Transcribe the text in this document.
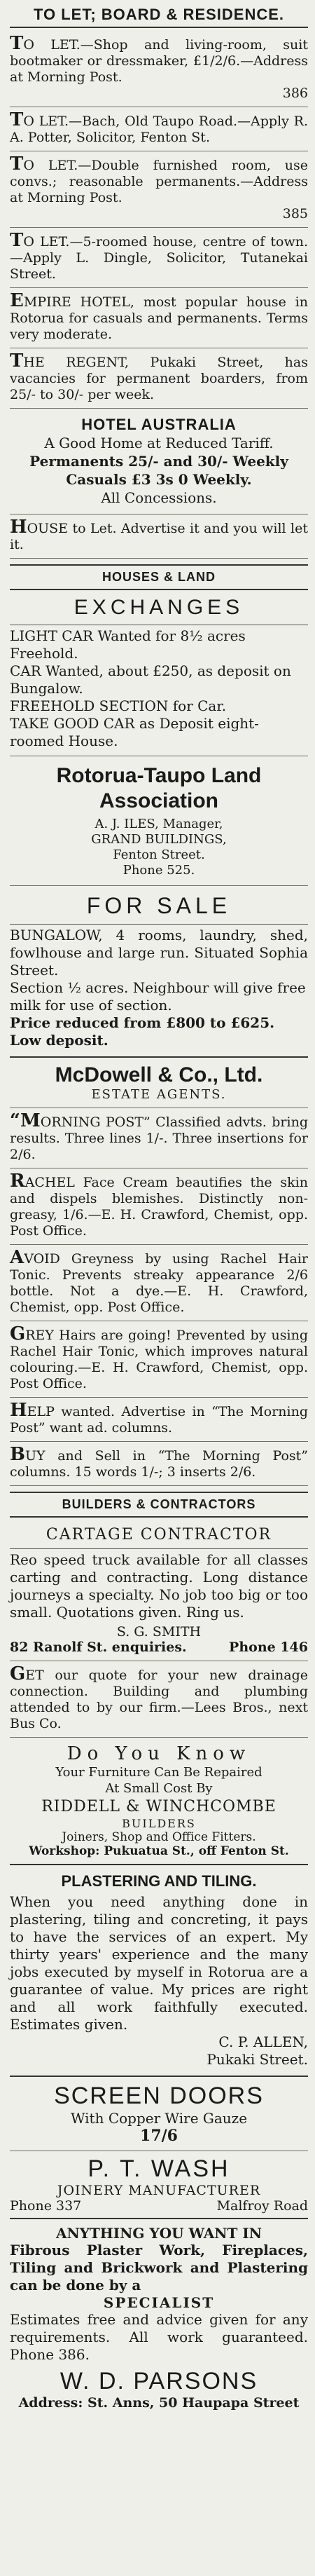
TO LET; BOARD & RESIDENCE.
TO LET.—Shop and living-room, suit bootmaker or dressmaker, £1/2/6.—Address at Morning Post.
386
TO LET.—Bach, Old Taupo Road.—Apply R. A. Potter, Solicitor, Fenton St.
TO LET.—Double furnished room, use convs.; reasonable permanents.—Address at Morning Post.
385
TO LET.—5-roomed house, centre of town.—Apply L. Dingle, Solicitor, Tutanekai Street.
EMPIRE HOTEL, most popular house in Rotorua for casuals and permanents. Terms very moderate.
THE REGENT, Pukaki Street, has vacancies for permanent boarders, from 25/- to 30/- per week.
HOTEL AUSTRALIA
A Good Home at Reduced Tariff.
Permanents 25/- and 30/- Weekly
Casuals £3 3s 0 Weekly.
All Concessions.
HOUSE to Let. Advertise it and you will let it.
HOUSES & LAND
EXCHANGES
LIGHT CAR Wanted for 8½ acres Freehold.
CAR Wanted, about £250, as deposit on Bungalow.
FREEHOLD SECTION for Car.
TAKE GOOD CAR as Deposit eight-roomed House.
Rotorua-Taupo Land
Association
A. J. ILES, Manager,
GRAND BUILDINGS,
Fenton Street.
Phone 525.
FOR SALE
BUNGALOW, 4 rooms, laundry, shed, fowlhouse and large run. Situated Sophia Street.
Section ½ acres. Neighbour will give free milk for use of section.
Price reduced from £800 to £625. Low deposit.
McDowell & Co., Ltd.
ESTATE AGENTS.
“MORNING POST” Classified advts. bring results. Three lines 1/-. Three insertions for 2/6.
RACHEL Face Cream beautifies the skin and dispels blemishes. Distinctly non-greasy, 1/6.—E. H. Crawford, Chemist, opp. Post Office.
AVOID Greyness by using Rachel Hair Tonic. Prevents streaky appearance 2/6 bottle. Not a dye.—E. H. Crawford, Chemist, opp. Post Office.
GREY Hairs are going! Prevented by using Rachel Hair Tonic, which improves natural colouring.—E. H. Crawford, Chemist, opp. Post Office.
HELP wanted. Advertise in “The Morning Post” want ad. columns.
BUY and Sell in “The Morning Post” columns. 15 words 1/-; 3 inserts 2/6.
BUILDERS & CONTRACTORS
CARTAGE CONTRACTOR
Reo speed truck available for all classes carting and contracting. Long distance journeys a specialty. No job too big or too small. Quotations given. Ring us.
S. G. SMITH
82 Ranolf St. enquiries.	Phone 146
GET our quote for your new drainage connection. Building and plumbing attended to by our firm.—Lees Bros., next Bus Co.
Do You Know
Your Furniture Can Be Repaired
At Small Cost By
RIDDELL & WINCHCOMBE
BUILDERS
Joiners, Shop and Office Fitters.
Workshop: Pukuatua St., off Fenton St.
PLASTERING AND TILING.
When you need anything done in plastering, tiling and concreting, it pays to have the services of an expert. My thirty years' experience and the many jobs executed by myself in Rotorua are a guarantee of value. My prices are right and all work faithfully executed. Estimates given.
C. P. ALLEN,
Pukaki Street.
SCREEN DOORS
With Copper Wire Gauze
17/6
P. T. WASH
JOINERY MANUFACTURER
Phone 337	Malfroy Road
ANYTHING YOU WANT IN
Fibrous Plaster Work, Fireplaces, Tiling and Brickwork and Plastering can be done by a
SPECIALIST
Estimates free and advice given for any requirements. All work guaranteed. Phone 386.
W. D. PARSONS
Address: St. Anns, 50 Haupapa Street
